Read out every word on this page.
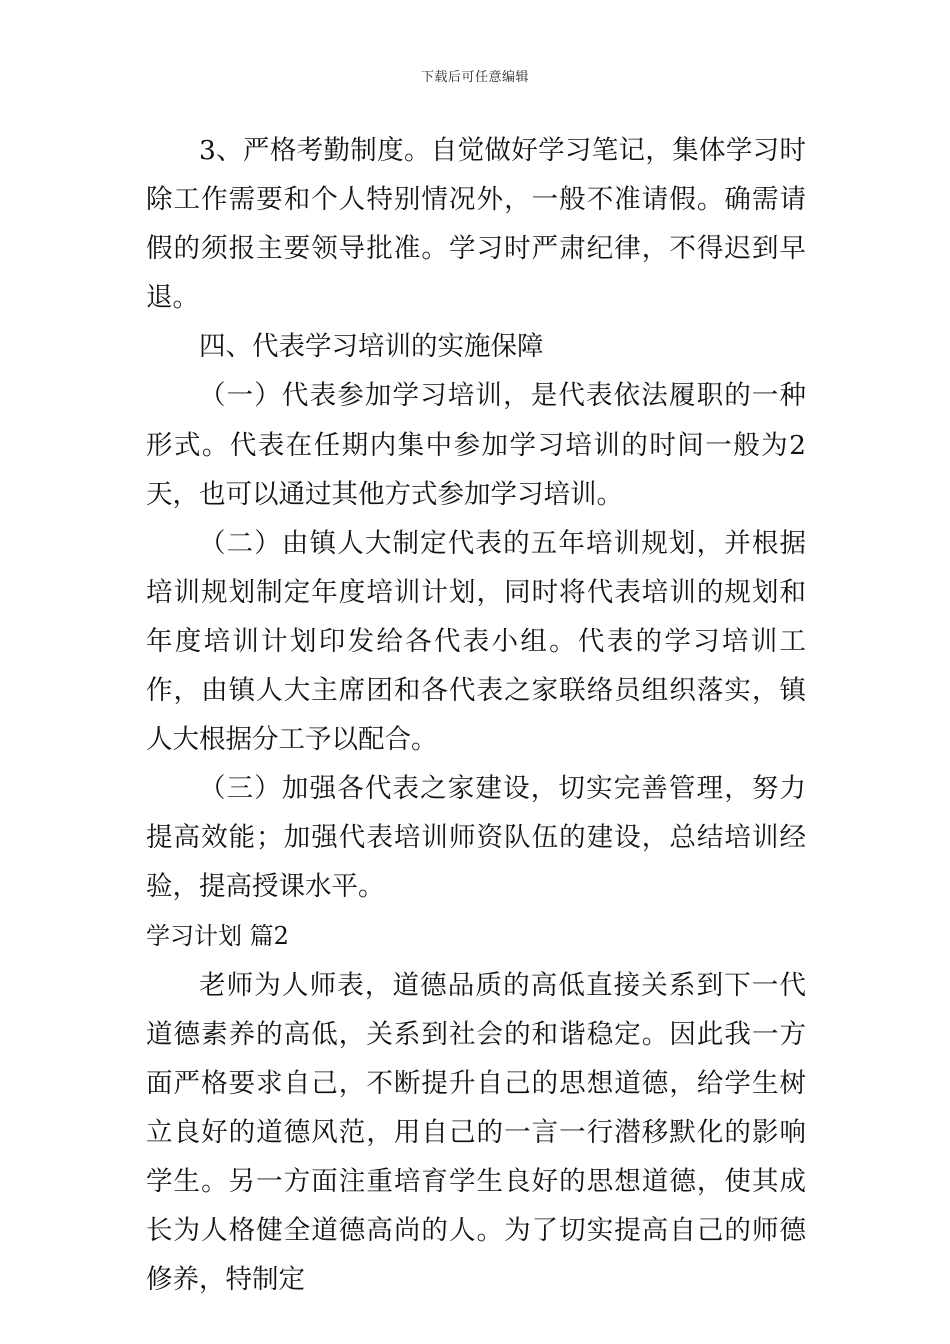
下载后可任意编辑

3、严格考勤制度。自觉做好学习笔记，集体学习时除工作需要和个人特别情况外，一般不准请假。确需请假的须报主要领导批准。学习时严肃纪律，不得迟到早退。

四、代表学习培训的实施保障

（一）代表参加学习培训，是代表依法履职的一种形式。代表在任期内集中参加学习培训的时间一般为2天，也可以通过其他方式参加学习培训。

（二）由镇人大制定代表的五年培训规划，并根据培训规划制定年度培训计划，同时将代表培训的规划和年度培训计划印发给各代表小组。代表的学习培训工作，由镇人大主席团和各代表之家联络员组织落实，镇人大根据分工予以配合。

（三）加强各代表之家建设，切实完善管理，努力提高效能；加强代表培训师资队伍的建设，总结培训经验，提高授课水平。

学习计划 篇2

老师为人师表，道德品质的高低直接关系到下一代道德素养的高低，关系到社会的和谐稳定。因此我一方面严格要求自己，不断提升自己的思想道德，给学生树立良好的道德风范，用自己的一言一行潜移默化的影响学生。另一方面注重培育学生良好的思想道德，使其成长为人格健全道德高尚的人。为了切实提高自己的师德修养，特制定
